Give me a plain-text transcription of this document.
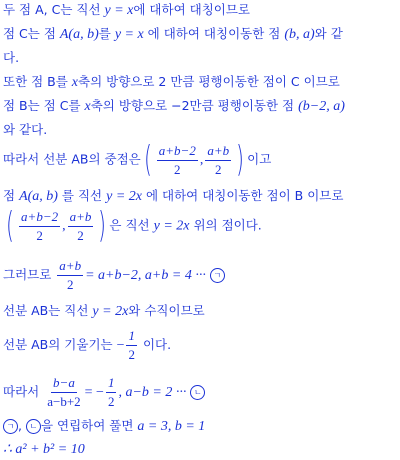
두 점 A, C는 직선 y = x에 대하여 대칭이므로
점 C는 점 A(a, b)를 y = x 에 대하여 대칭이동한 점 (b, a)와 같
다.
또한 점 B를 x축의 방향으로 2 만큼 평행이동한 점이 C 이므로
점 B는 점 C를 x축의 방향으로 −2만큼 평행이동한 점 (b−2, a)
와 같다.
따라서 선분 AB의 중점은( $\frac{a+b-2}{2}$ , $\frac{a+b}{2}$ ) 이고
점 A(a, b) 를 직선 y = 2x 에 대하여 대칭이동한 점이 B 이므로
( $\frac{a+b-2}{2}$ , $\frac{a+b}{2}$ ) 은 직선 y = 2x 위의 점이다.
그러므로 $\frac{a+b}{2} = a+b-2$, a+b = 4 ··· ㄱ
선분 AB는 직선 y = 2x와 수직이므로
선분 AB의 기울기는 − $\frac{1}{2}$ 이다.
따라서 $\frac{b-a}{a-b+2}$ = − $\frac{1}{2}$ , a−b = 2 ··· ㄴ
ㄱ , ㄴ 을 연립하여 풀면 a = 3, b = 1
∴ a² + b² = 10
